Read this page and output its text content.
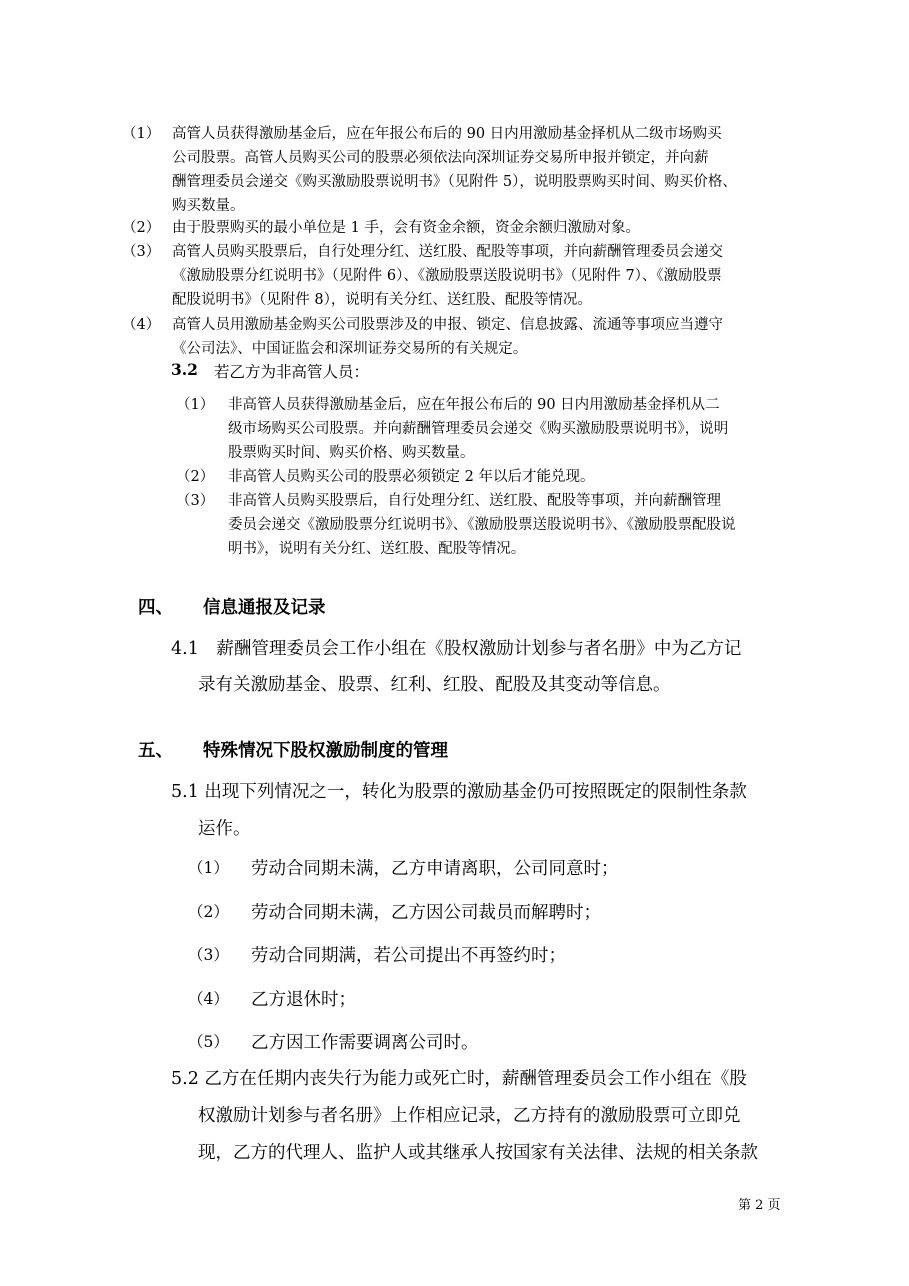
（1） 高管人员获得激励基金后，应在年报公布后的 90 日内用激励基金择机从二级市场购买
公司股票。高管人员购买公司的股票必须依法向深圳证券交易所申报并锁定，并向薪
酬管理委员会递交《购买激励股票说明书》（见附件 5），说明股票购买时间、购买价格、
购买数量。
（2） 由于股票购买的最小单位是 1 手，会有资金余额，资金余额归激励对象。
（3） 高管人员购买股票后，自行处理分红、送红股、配股等事项，并向薪酬管理委员会递交
《激励股票分红说明书》（见附件 6）、《激励股票送股说明书》（见附件 7）、《激励股票
配股说明书》（见附件 8），说明有关分红、送红股、配股等情况。
（4） 高管人员用激励基金购买公司股票涉及的申报、锁定、信息披露、流通等事项应当遵守
《公司法》、中国证监会和深圳证券交易所的有关规定。
3.2 若乙方为非高管人员：
（1） 非高管人员获得激励基金后，应在年报公布后的 90 日内用激励基金择机从二
级市场购买公司股票。并向薪酬管理委员会递交《购买激励股票说明书》，说明
股票购买时间、购买价格、购买数量。
（2） 非高管人员购买公司的股票必须锁定 2 年以后才能兑现。
（3） 非高管人员购买股票后，自行处理分红、送红股、配股等事项，并向薪酬管理
委员会递交《激励股票分红说明书》、《激励股票送股说明书》、《激励股票配股说
明书》，说明有关分红、送红股、配股等情况。
四、 信息通报及记录
4.1　薪酬管理委员会工作小组在《股权激励计划参与者名册》中为乙方记
录有关激励基金、股票、红利、红股、配股及其变动等信息。
五、 特殊情况下股权激励制度的管理
5.1 出现下列情况之一，转化为股票的激励基金仍可按照既定的限制性条款
运作。
（1） 劳动合同期未满，乙方申请离职，公司同意时；
（2） 劳动合同期未满，乙方因公司裁员而解聘时；
（3） 劳动合同期满，若公司提出不再签约时；
（4） 乙方退休时；
（5） 乙方因工作需要调离公司时。
5.2 乙方在任期内丧失行为能力或死亡时，薪酬管理委员会工作小组在《股
权激励计划参与者名册》上作相应记录，乙方持有的激励股票可立即兑
现，乙方的代理人、监护人或其继承人按国家有关法律、法规的相关条款
第 2 页
